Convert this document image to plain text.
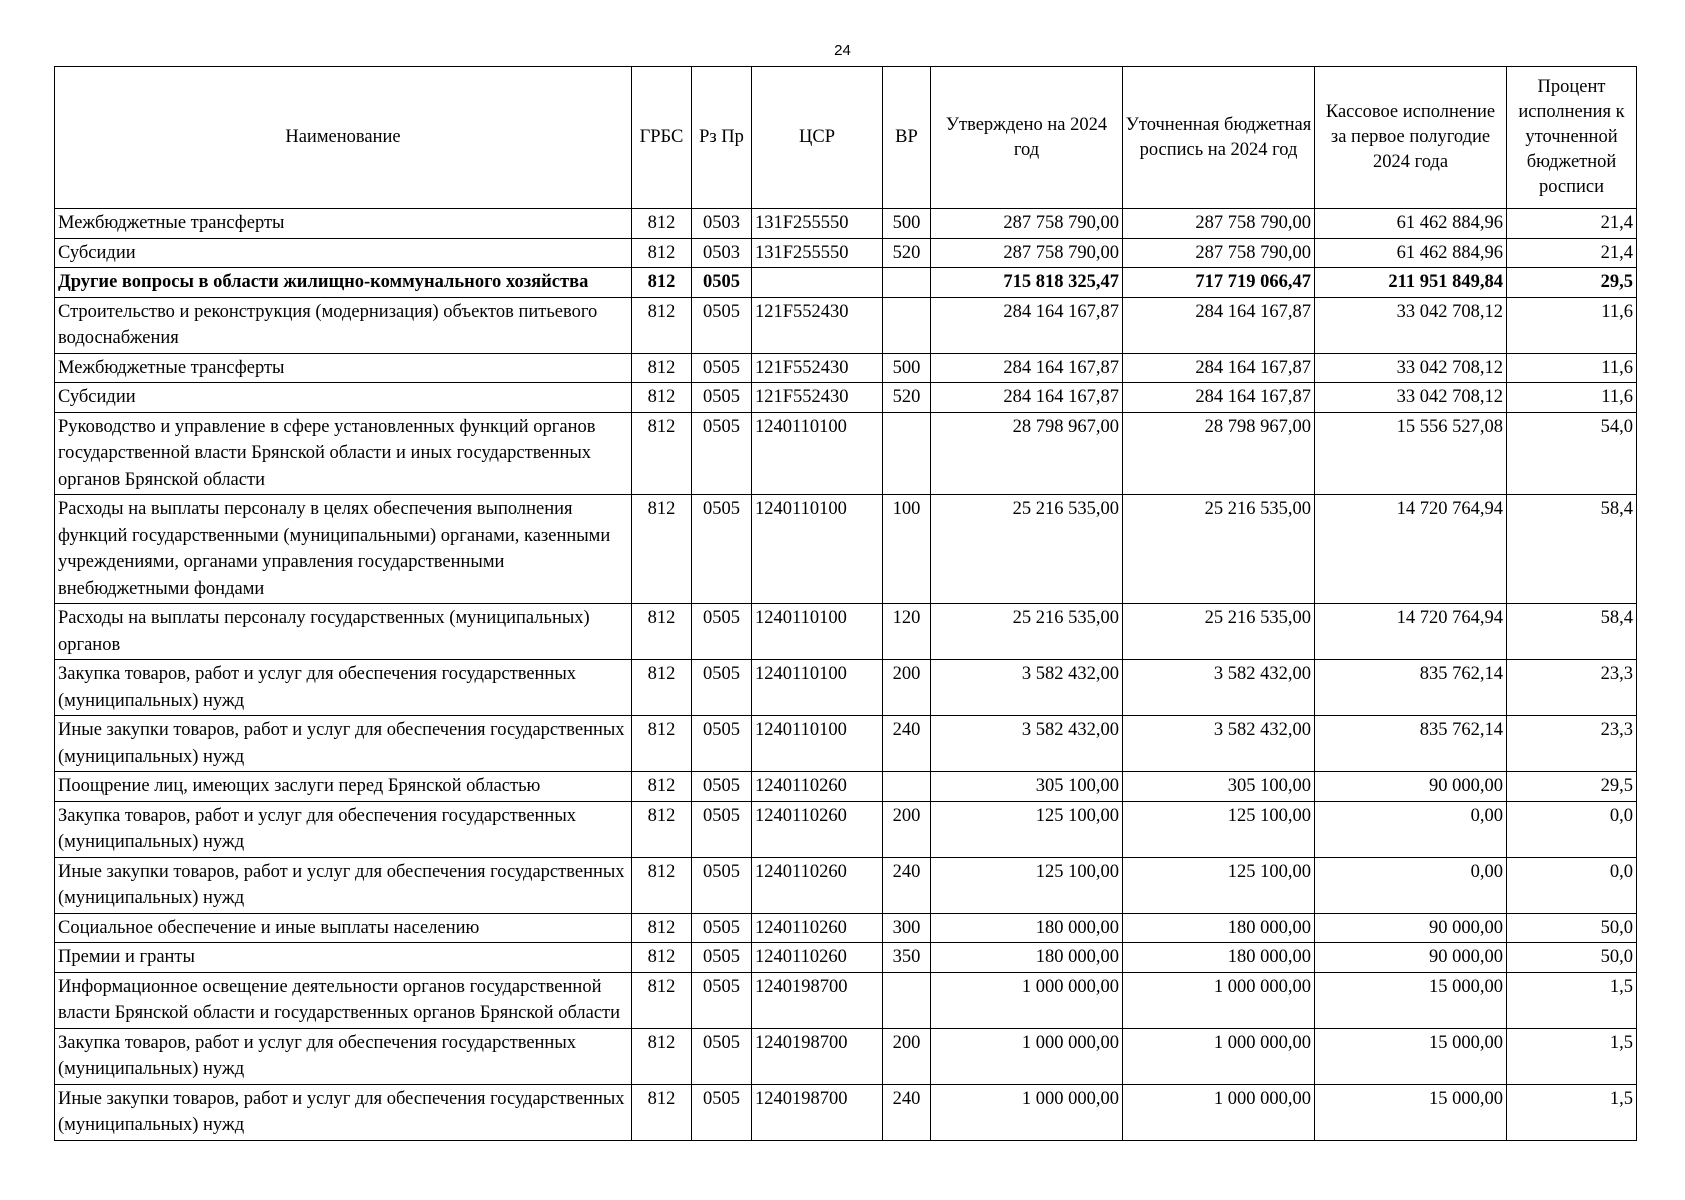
24
Наименование	ГРБС	Рз Пр	ЦСР	ВР	Утверждено на 2024 год	Уточненная бюджетная роспись на 2024 год	Кассовое исполнение за первое полугодие 2024 года	Процент исполнения к уточненной бюджетной росписи
Межбюджетные трансферты	812	0503	131F255550	500	287 758 790,00	287 758 790,00	61 462 884,96	21,4
Субсидии	812	0503	131F255550	520	287 758 790,00	287 758 790,00	61 462 884,96	21,4
Другие вопросы в области жилищно-коммунального хозяйства	812	0505			715 818 325,47	717 719 066,47	211 951 849,84	29,5
Строительство и реконструкция (модернизация) объектов питьевого водоснабжения	812	0505	121F552430		284 164 167,87	284 164 167,87	33 042 708,12	11,6
Межбюджетные трансферты	812	0505	121F552430	500	284 164 167,87	284 164 167,87	33 042 708,12	11,6
Субсидии	812	0505	121F552430	520	284 164 167,87	284 164 167,87	33 042 708,12	11,6
Руководство и управление в сфере установленных функций органов государственной власти Брянской области и иных государственных органов Брянской области	812	0505	1240110100		28 798 967,00	28 798 967,00	15 556 527,08	54,0
Расходы на выплаты персоналу в целях обеспечения выполнения функций государственными (муниципальными) органами, казенными учреждениями, органами управления государственными внебюджетными фондами	812	0505	1240110100	100	25 216 535,00	25 216 535,00	14 720 764,94	58,4
Расходы на выплаты персоналу государственных (муниципальных) органов	812	0505	1240110100	120	25 216 535,00	25 216 535,00	14 720 764,94	58,4
Закупка товаров, работ и услуг для обеспечения государственных (муниципальных) нужд	812	0505	1240110100	200	3 582 432,00	3 582 432,00	835 762,14	23,3
Иные закупки товаров, работ и услуг для обеспечения государственных (муниципальных) нужд	812	0505	1240110100	240	3 582 432,00	3 582 432,00	835 762,14	23,3
Поощрение лиц, имеющих заслуги перед Брянской областью	812	0505	1240110260		305 100,00	305 100,00	90 000,00	29,5
Закупка товаров, работ и услуг для обеспечения государственных (муниципальных) нужд	812	0505	1240110260	200	125 100,00	125 100,00	0,00	0,0
Иные закупки товаров, работ и услуг для обеспечения государственных (муниципальных) нужд	812	0505	1240110260	240	125 100,00	125 100,00	0,00	0,0
Социальное обеспечение и иные выплаты населению	812	0505	1240110260	300	180 000,00	180 000,00	90 000,00	50,0
Премии и гранты	812	0505	1240110260	350	180 000,00	180 000,00	90 000,00	50,0
Информационное освещение деятельности органов государственной власти Брянской области и государственных органов Брянской области	812	0505	1240198700		1 000 000,00	1 000 000,00	15 000,00	1,5
Закупка товаров, работ и услуг для обеспечения государственных (муниципальных) нужд	812	0505	1240198700	200	1 000 000,00	1 000 000,00	15 000,00	1,5
Иные закупки товаров, работ и услуг для обеспечения государственных (муниципальных) нужд	812	0505	1240198700	240	1 000 000,00	1 000 000,00	15 000,00	1,5
